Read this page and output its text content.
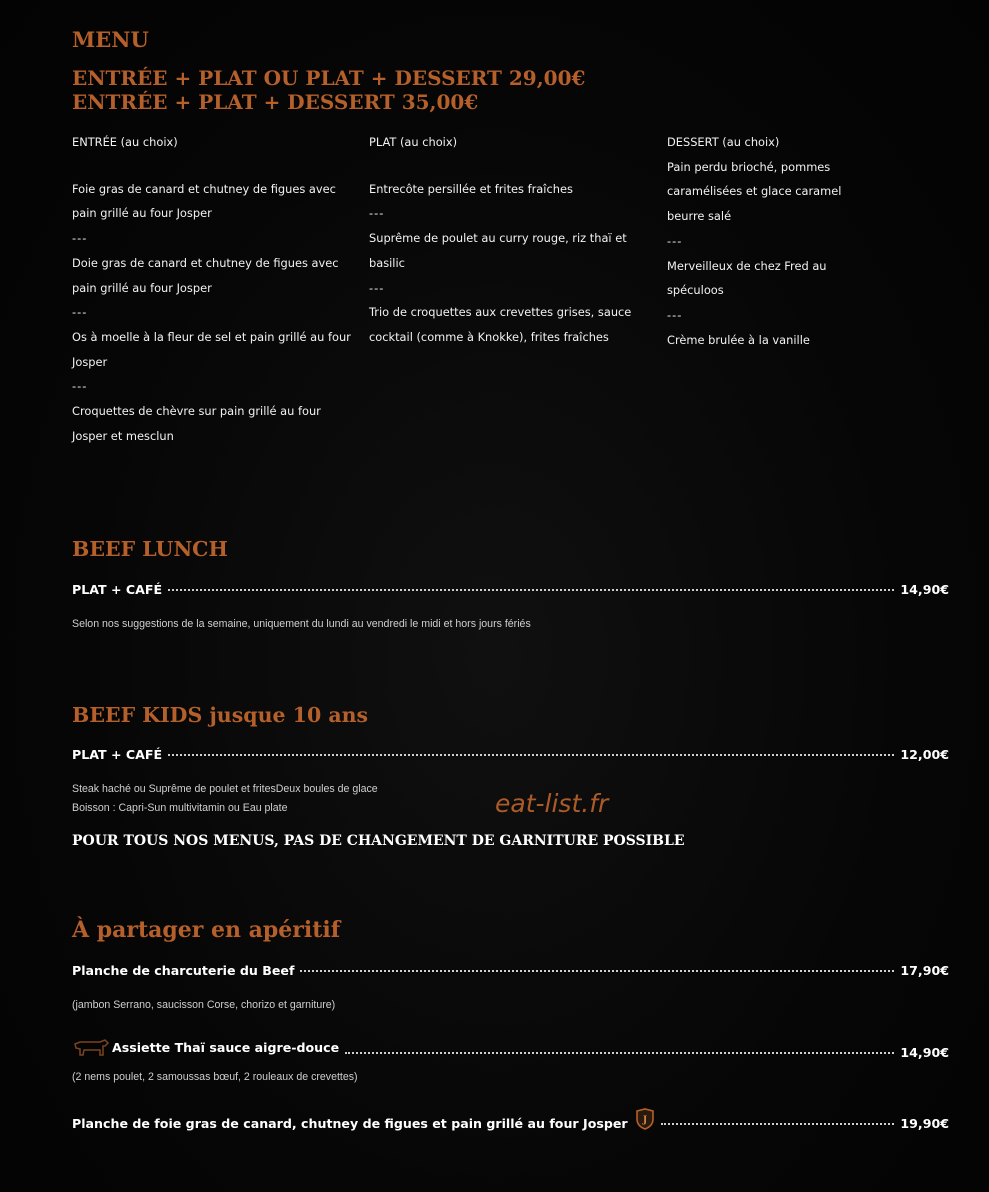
MENU
ENTRÉE + PLAT OU PLAT + DESSERT 29,00€
ENTRÉE + PLAT + DESSERT 35,00€

ENTRÉE (au choix)

Foie gras de canard et chutney de figues avec pain grillé au four Josper

---

Doie gras de canard et chutney de figues avec pain grillé au four Josper

---

Os à moelle à la fleur de sel et pain grillé au four Josper

---

Croquettes de chèvre sur pain grillé au four Josper et mesclun

PLAT (au choix)

Entrecôte persillée et frites fraîches

---

Suprême de poulet au curry rouge, riz thaï et basilic

---

Trio de croquettes aux crevettes grises, sauce cocktail (comme à Knokke), frites fraîches

DESSERT (au choix)

Pain perdu brioché, pommes caramélisées et glace caramel beurre salé

---

Merveilleux de chez Fred au spéculoos

---

Crème brulée à la vanille

BEEF LUNCH
PLAT + CAFÉ	14,90€
Selon nos suggestions de la semaine, uniquement du lundi au vendredi le midi et hors jours fériés
BEEF KIDS jusque 10 ans
PLAT + CAFÉ	12,00€
Steak haché ou Suprême de poulet et fritesDeux boules de glace
Boisson : Capri-Sun multivitamin ou Eau plate	eat-list.fr
POUR TOUS NOS MENUS, PAS DE CHANGEMENT DE GARNITURE POSSIBLE
À partager en apéritif
Planche de charcuterie du Beef	17,90€
(jambon Serrano, saucisson Corse, chorizo et garniture)
Assiette Thaï sauce aigre-douce	14,90€
(2 nems poulet, 2 samoussas bœuf, 2 rouleaux de crevettes)
Planche de foie gras de canard, chutney de figues et pain grillé au four Josper J	19,90€
